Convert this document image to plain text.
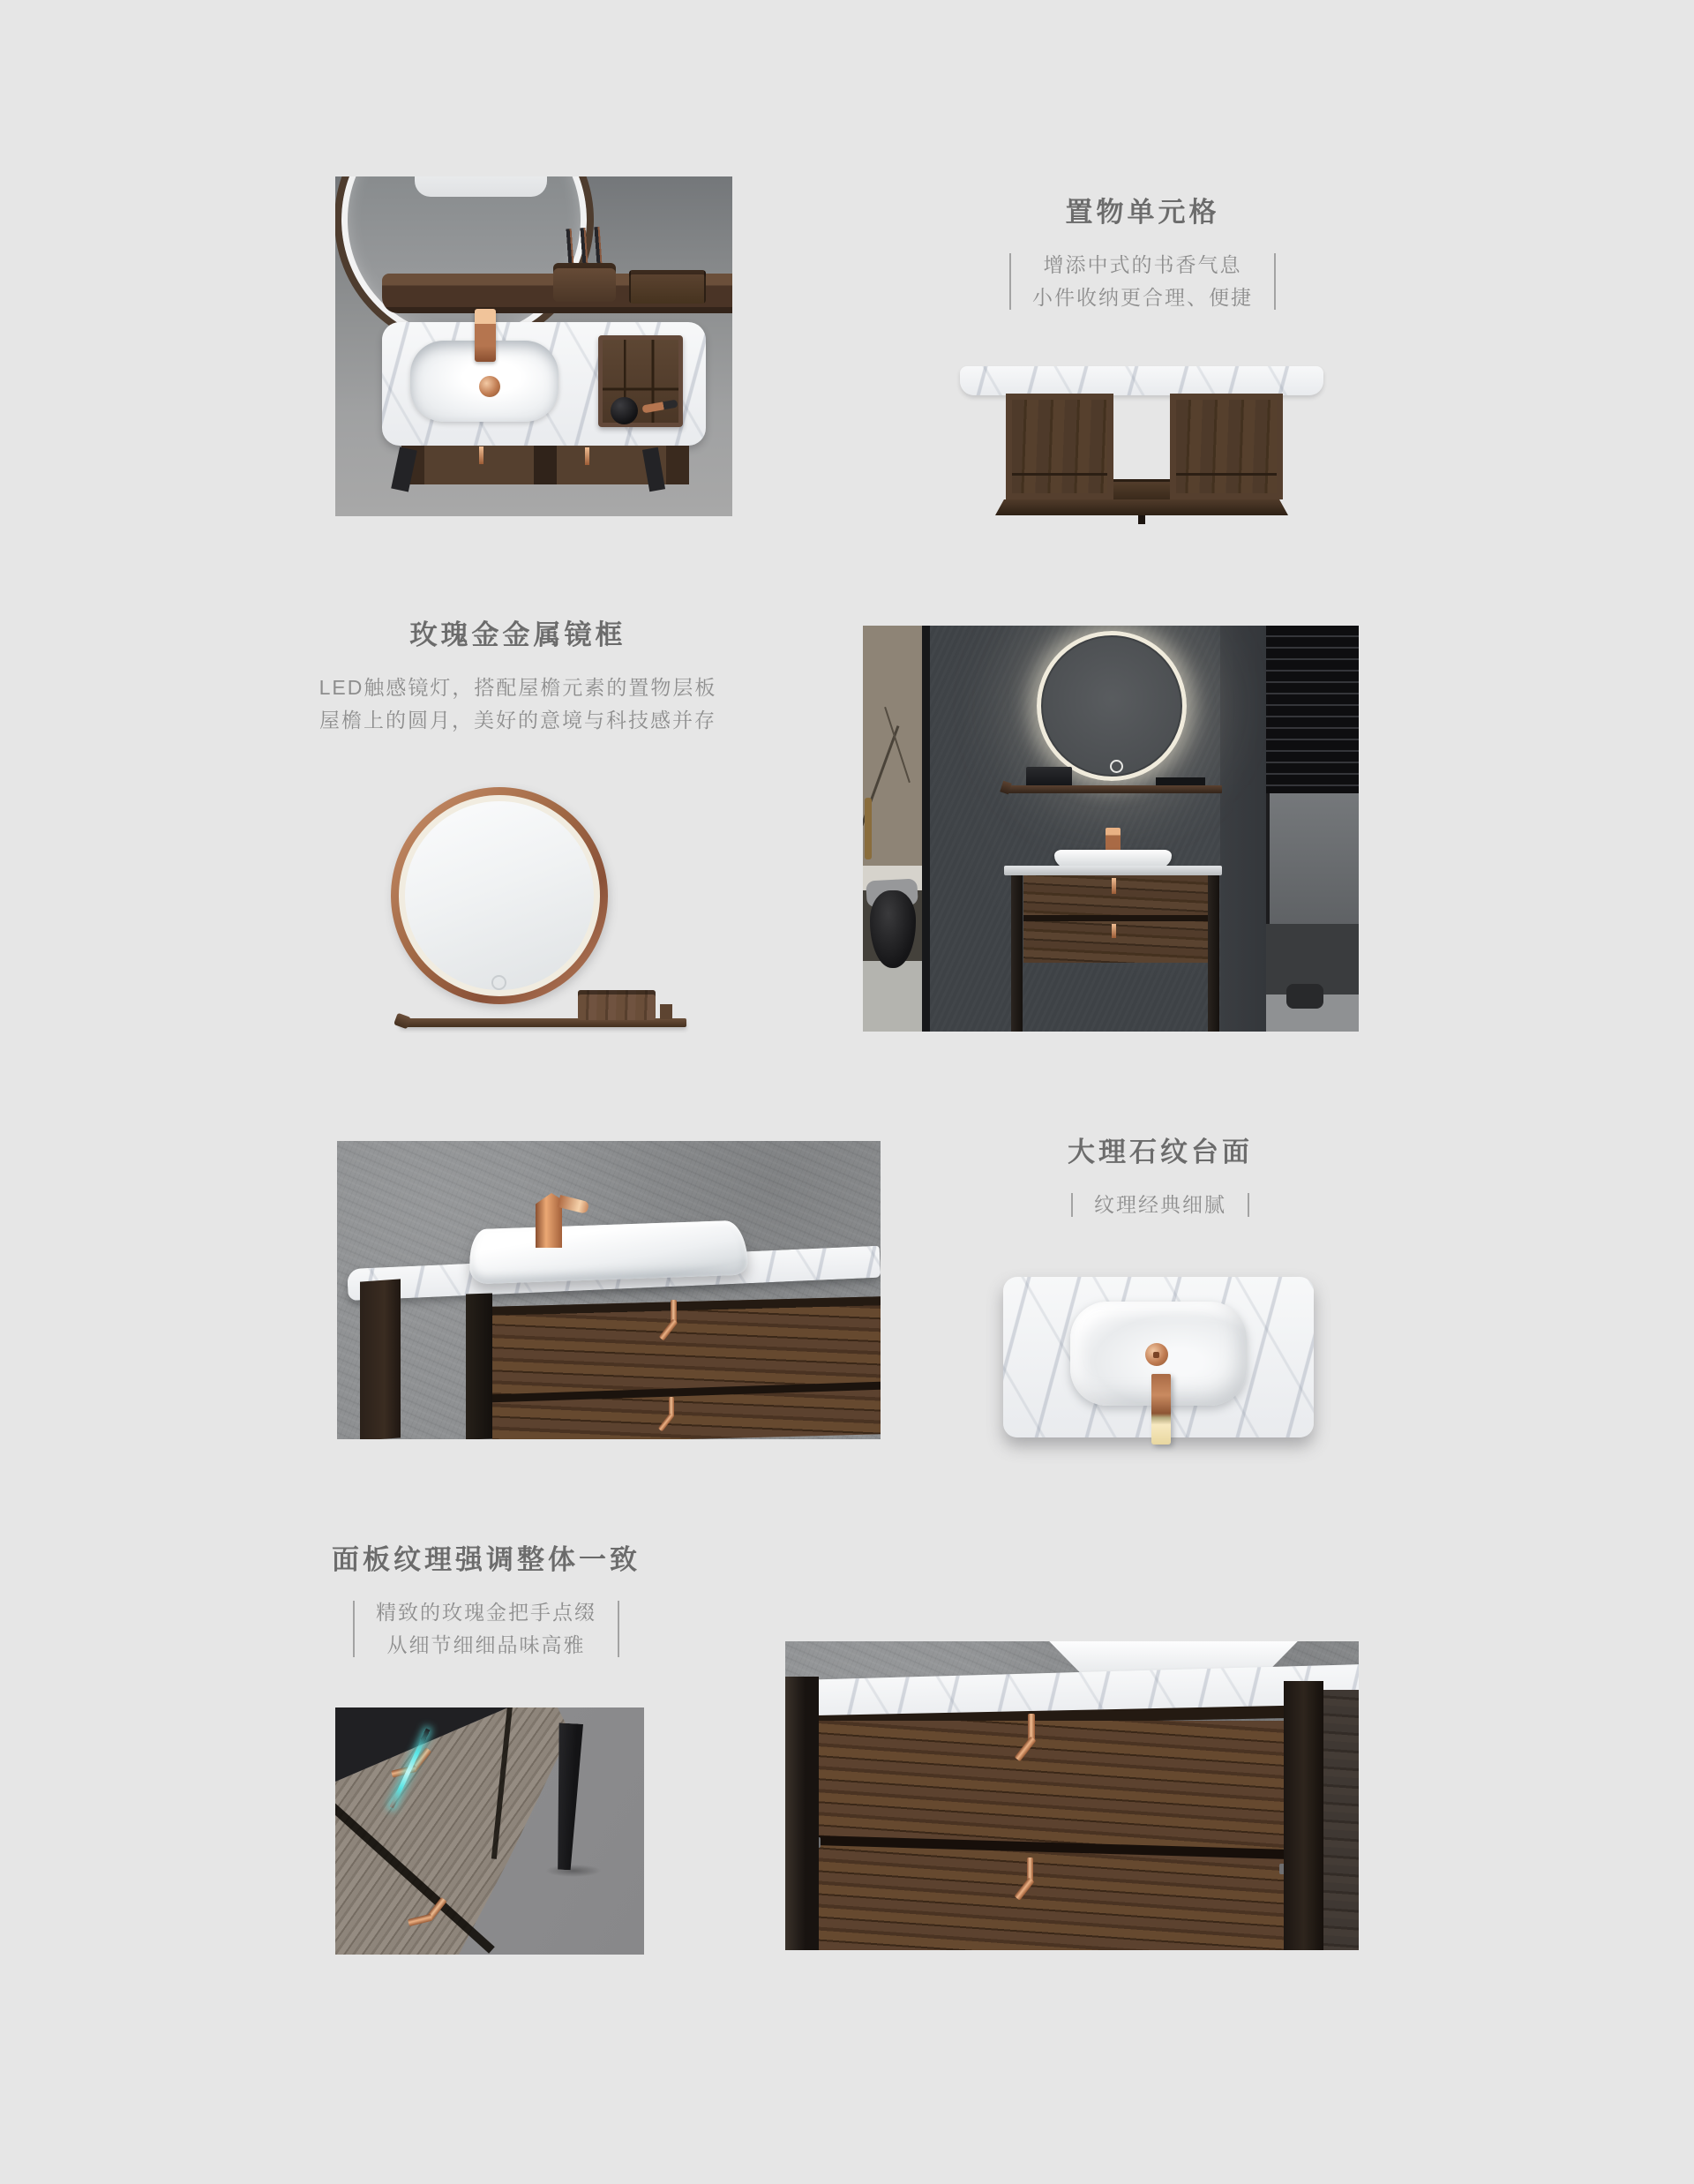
置物单元格
增添中式的书香气息
小件收纳更合理、便捷
玫瑰金金属镜框
LED触感镜灯，搭配屋檐元素的置物层板
屋檐上的圆月，美好的意境与科技感并存
大理石纹台面
纹理经典细腻
面板纹理强调整体一致
精致的玫瑰金把手点缀
从细节细细品味高雅
